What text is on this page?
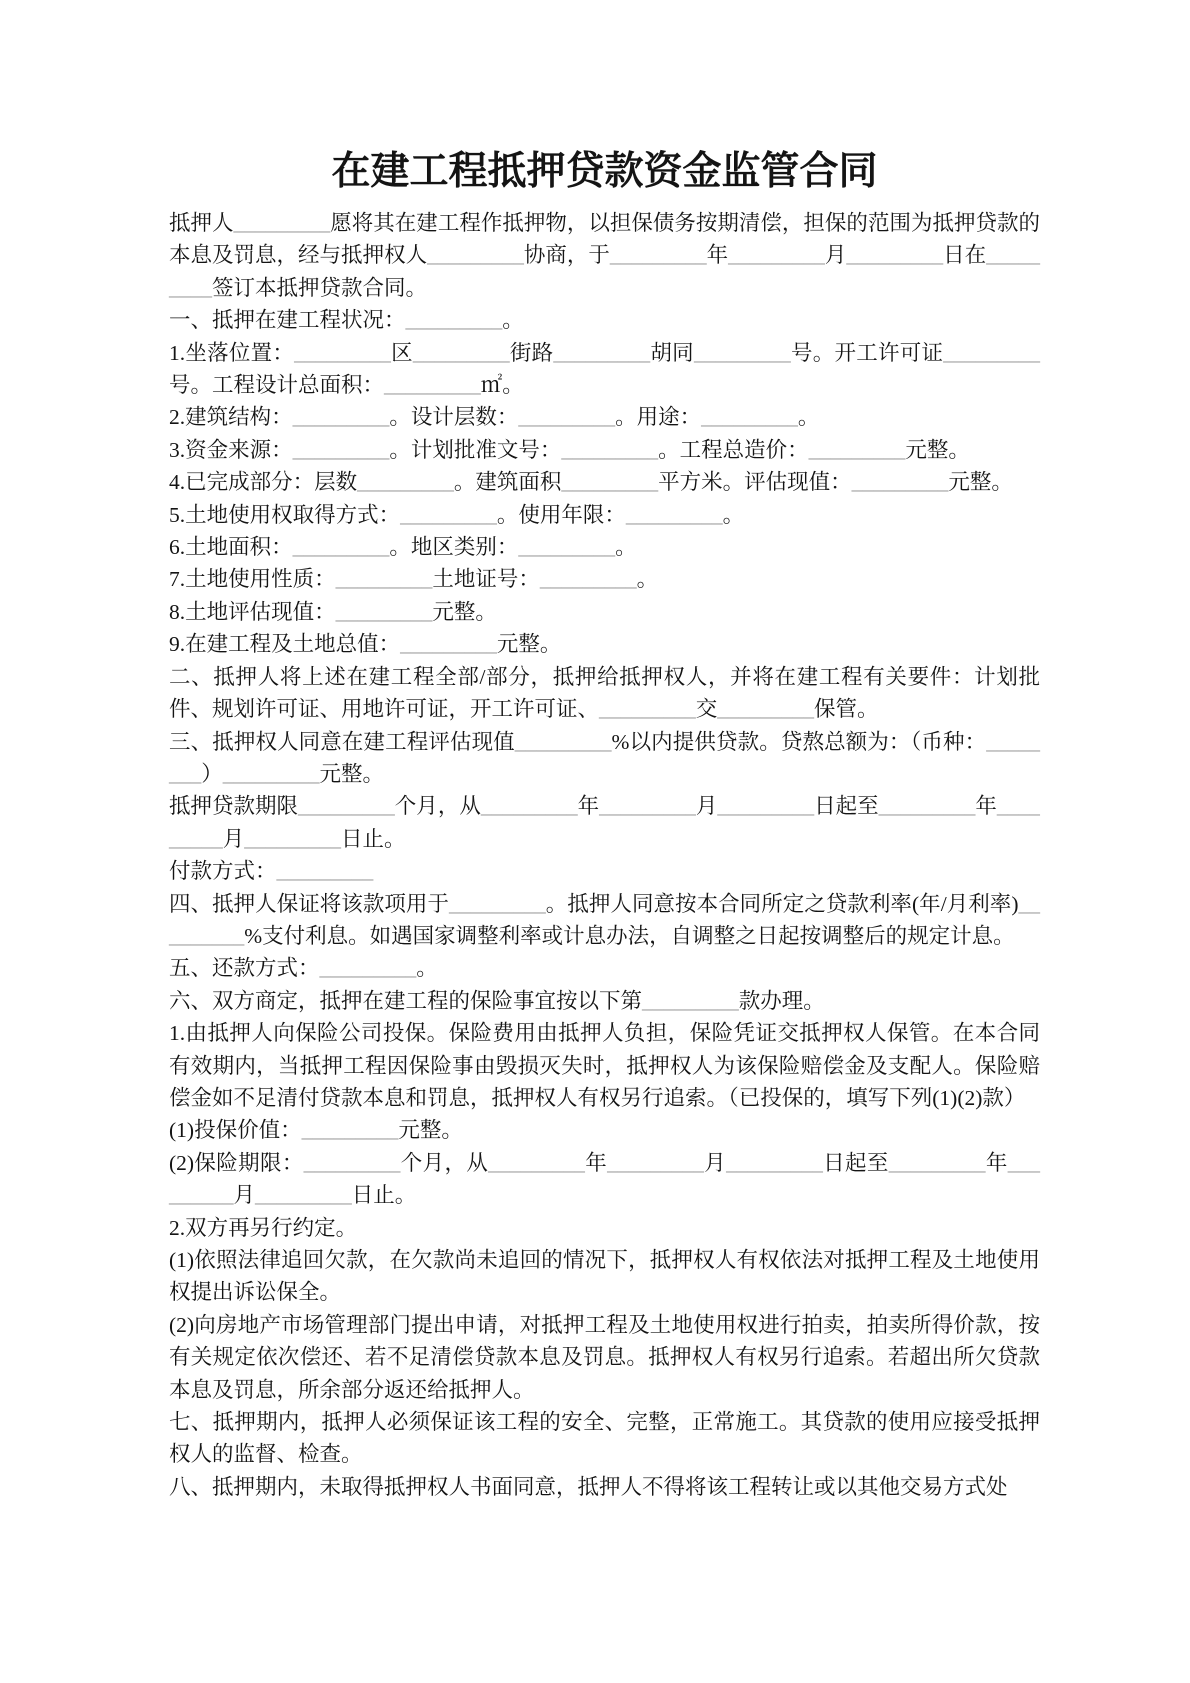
在建工程抵押贷款资金监管合同
抵押人_________愿将其在建工程作抵押物，以担保债务按期清偿，担保的范围为抵押贷款的本息及罚息，经与抵押权人_________协商，于_________年_________月_________日在_________签订本抵押贷款合同。
一、抵押在建工程状况：_________。
1.坐落位置：_________区_________街路_________胡同_________号。开工许可证_________号。工程设计总面积：_________㎡。
2.建筑结构：_________。设计层数：_________。用途：_________。
3.资金来源：_________。计划批准文号：_________。工程总造价：_________元整。
4.已完成部分：层数_________。建筑面积_________平方米。评估现值：_________元整。
5.土地使用权取得方式：_________。使用年限：_________。
6.土地面积：_________。地区类别：_________。
7.土地使用性质：_________土地证号：_________。
8.土地评估现值：_________元整。
9.在建工程及土地总值：_________元整。
二、抵押人将上述在建工程全部/部分，抵押给抵押权人，并将在建工程有关要件：计划批件、规划许可证、用地许可证，开工许可证、_________交_________保管。
三、抵押权人同意在建工程评估现值_________%以内提供贷款。贷熬总额为：（币种：________）_________元整。
抵押贷款期限_________个月，从_________年_________月_________日起至_________年_________月_________日止。
付款方式：_________
四、抵押人保证将该款项用于_________。抵押人同意按本合同所定之贷款利率(年/月利率)_________%支付利息。如遇国家调整利率或计息办法，自调整之日起按调整后的规定计息。
五、还款方式：_________。
六、双方商定，抵押在建工程的保险事宜按以下第_________款办理。
1.由抵押人向保险公司投保。保险费用由抵押人负担，保险凭证交抵押权人保管。在本合同有效期内，当抵押工程因保险事由毁损灭失时，抵押权人为该保险赔偿金及支配人。保险赔偿金如不足清付贷款本息和罚息，抵押权人有权另行追索。（已投保的，填写下列(1)(2)款）
(1)投保价值：_________元整。
(2)保险期限：_________个月，从_________年_________月_________日起至_________年_________月_________日止。
2.双方再另行约定。
(1)依照法律追回欠款，在欠款尚未追回的情况下，抵押权人有权依法对抵押工程及土地使用权提出诉讼保全。
(2)向房地产市场管理部门提出申请，对抵押工程及土地使用权进行拍卖，拍卖所得价款，按有关规定依次偿还、若不足清偿贷款本息及罚息。抵押权人有权另行追索。若超出所欠贷款本息及罚息，所余部分返还给抵押人。
七、抵押期内，抵押人必须保证该工程的安全、完整，正常施工。其贷款的使用应接受抵押权人的监督、检查。
八、抵押期内，未取得抵押权人书面同意，抵押人不得将该工程转让或以其他交易方式处
